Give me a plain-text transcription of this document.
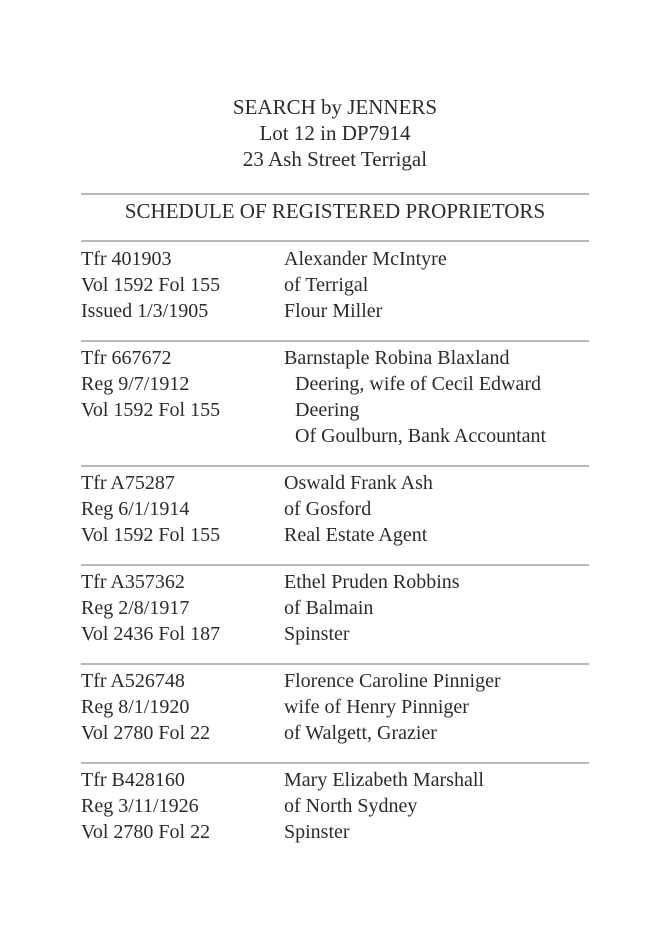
SEARCH by JENNERS
Lot 12 in DP7914
23 Ash Street Terrigal
SCHEDULE OF REGISTERED PROPRIETORS
Tfr 401903
Vol 1592 Fol 155
Issued 1/3/1905
Alexander McIntyre
of Terrigal
Flour Miller
Tfr 667672
Reg 9/7/1912
Vol 1592 Fol 155
Barnstaple Robina Blaxland
Deering, wife of Cecil Edward
Deering
Of Goulburn, Bank Accountant
Tfr A75287
Reg 6/1/1914
Vol 1592 Fol 155
Oswald Frank Ash
of Gosford
Real Estate Agent
Tfr A357362
Reg 2/8/1917
Vol 2436 Fol 187
Ethel Pruden Robbins
of Balmain
Spinster
Tfr A526748
Reg 8/1/1920
Vol 2780 Fol 22
Florence Caroline Pinniger
wife of Henry Pinniger
of Walgett, Grazier
Tfr B428160
Reg 3/11/1926
Vol 2780 Fol 22
Mary Elizabeth Marshall
of North Sydney
Spinster
